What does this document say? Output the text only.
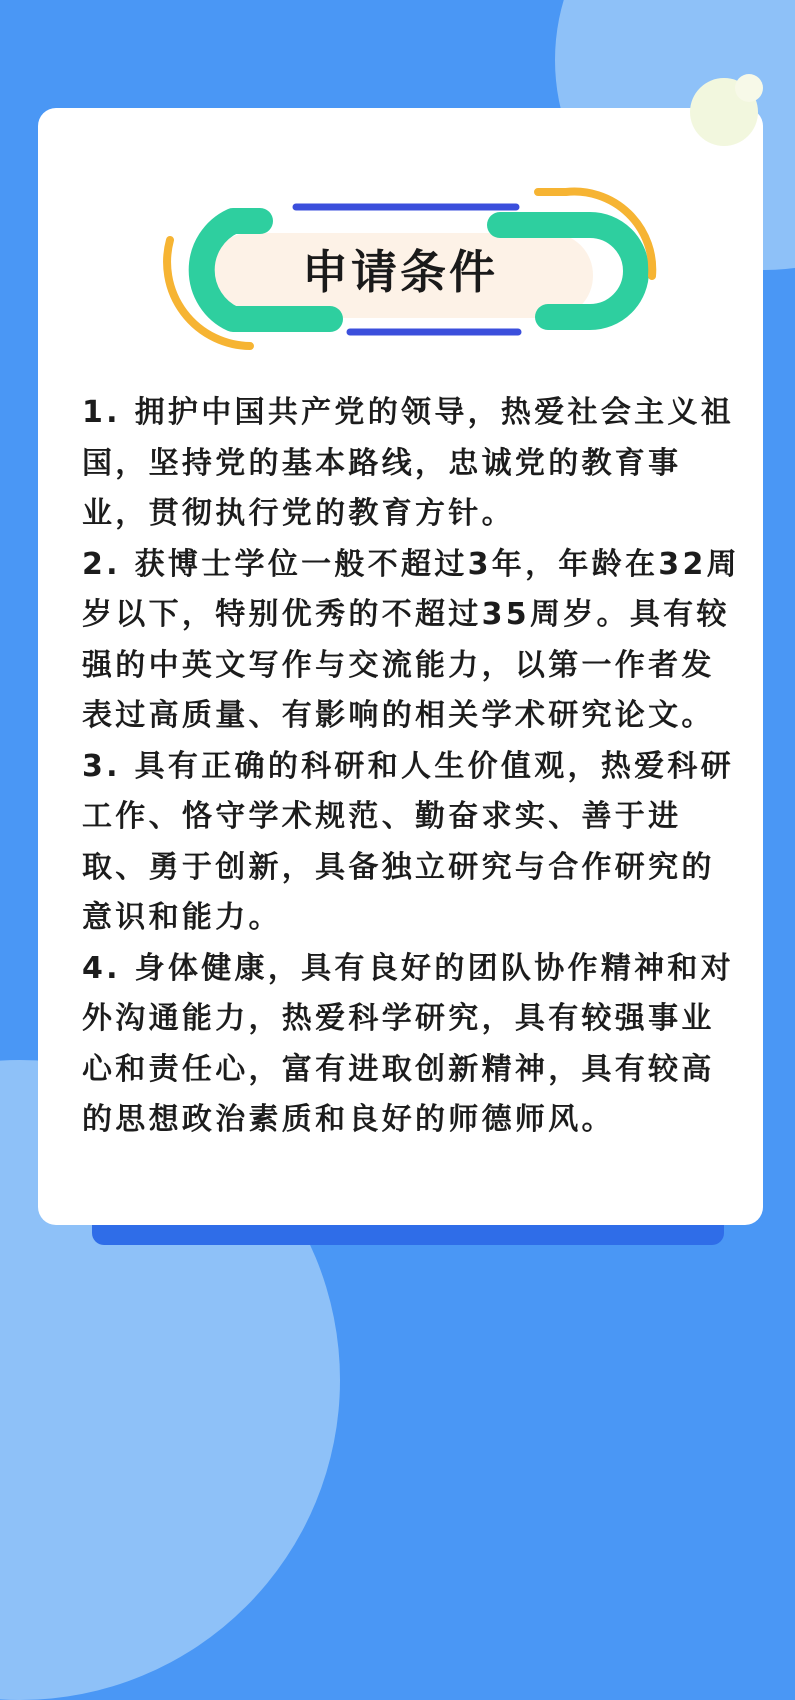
申请条件

1. 拥护中国共产党的领导，热爱社会主义祖国，坚持党的基本路线，忠诚党的教育事业，贯彻执行党的教育方针。

2. 获博士学位一般不超过3年，年龄在32周岁以下，特别优秀的不超过35周岁。具有较强的中英文写作与交流能力，以第一作者发表过高质量、有影响的相关学术研究论文。

3. 具有正确的科研和人生价值观，热爱科研工作、恪守学术规范、勤奋求实、善于进取、勇于创新，具备独立研究与合作研究的意识和能力。

4. 身体健康，具有良好的团队协作精神和对外沟通能力，热爱科学研究，具有较强事业心和责任心，富有进取创新精神，具有较高的思想政治素质和良好的师德师风。
